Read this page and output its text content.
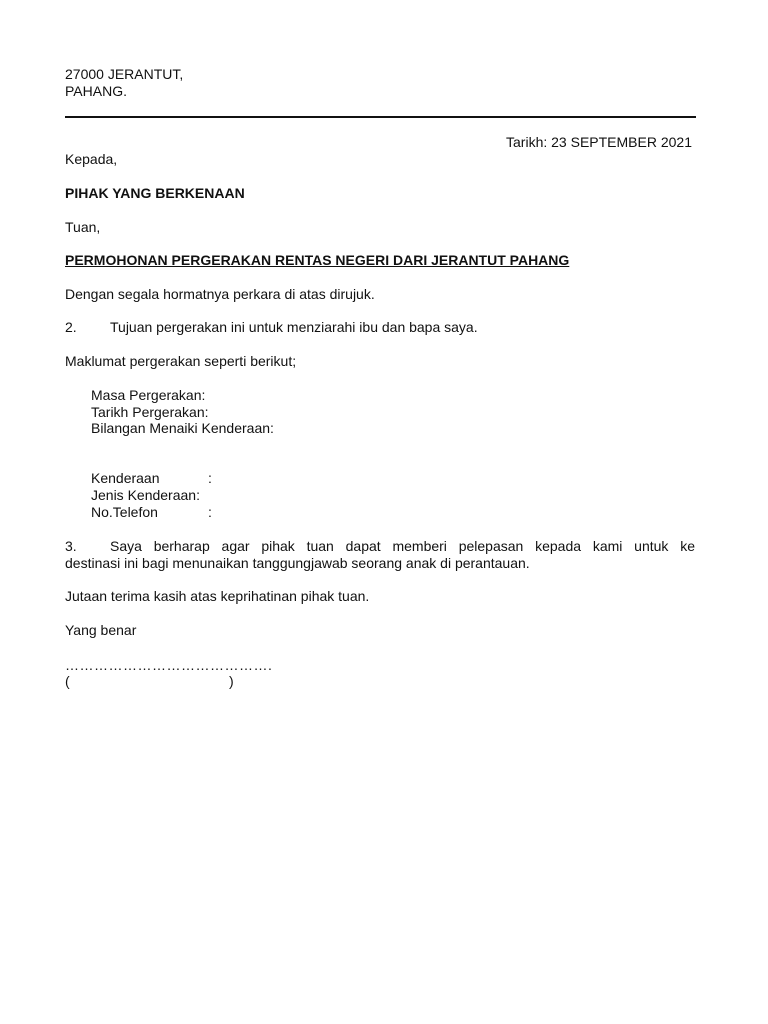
27000 JERANTUT,
PAHANG.
Tarikh: 23 SEPTEMBER 2021
Kepada,
PIHAK YANG BERKENAAN
Tuan,
PERMOHONAN PERGERAKAN RENTAS NEGERI DARI JERANTUT PAHANG
Dengan segala hormatnya perkara di atas dirujuk.
2. Tujuan pergerakan ini untuk menziarahi ibu dan bapa saya.
Maklumat pergerakan seperti berikut;
Masa Pergerakan:
Tarikh Pergerakan:
Bilangan Menaiki Kenderaan:
Kenderaan	:
Jenis Kenderaan:
No.Telefon	:
3. Saya berharap agar pihak tuan dapat memberi pelepasan kepada kami untuk ke
destinasi ini bagi menunaikan tanggungjawab seorang anak di perantauan.
Jutaan terima kasih atas keprihatinan pihak tuan.
Yang benar
…………………………………….
(	)
